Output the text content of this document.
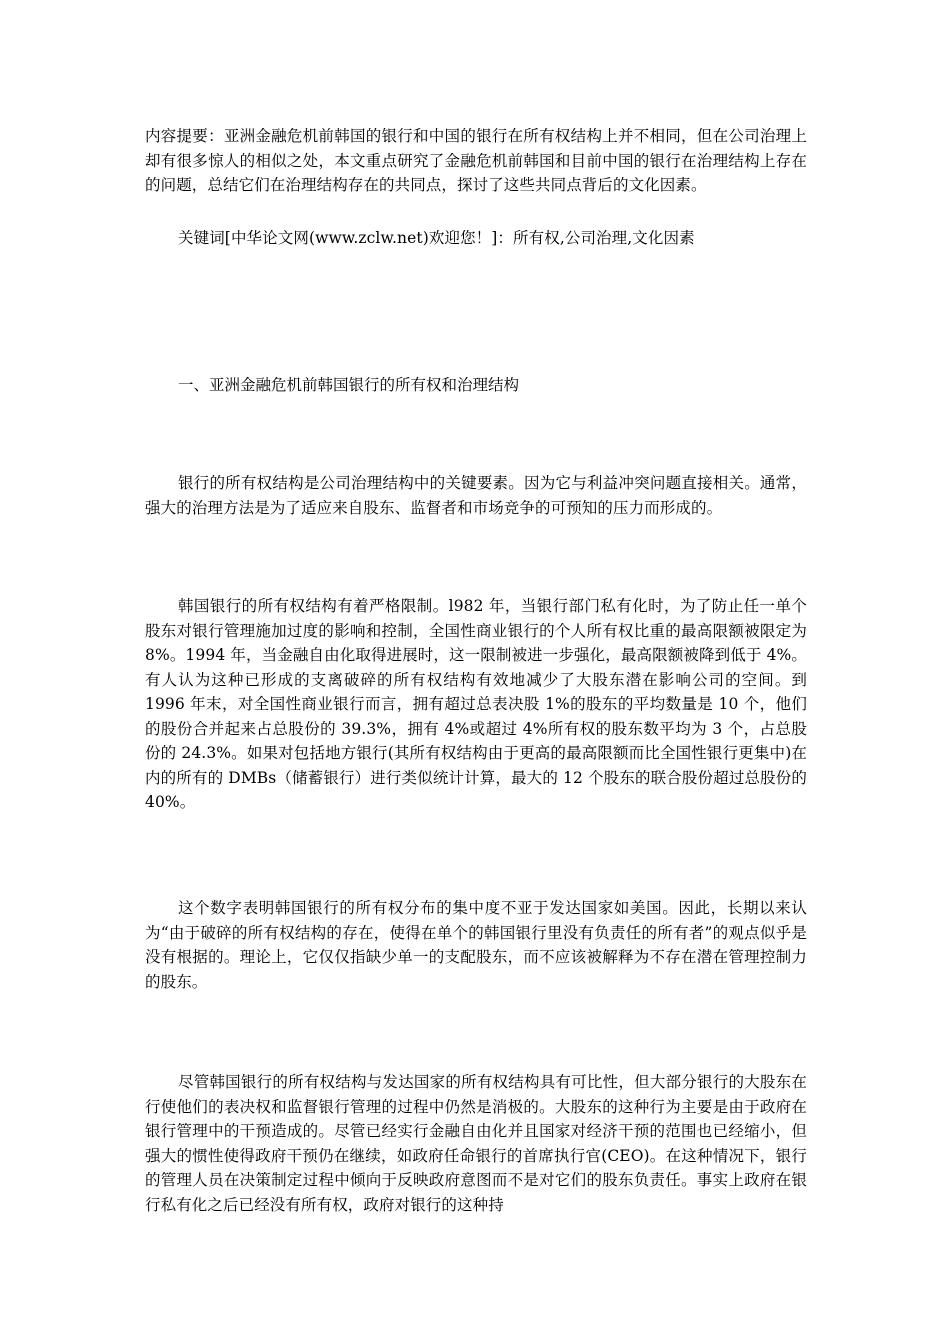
内容提要：亚洲金融危机前韩国的银行和中国的银行在所有权结构上并不相同，但在公司治理上却有很多惊人的相似之处，本文重点研究了金融危机前韩国和目前中国的银行在治理结构上存在的问题，总结它们在治理结构存在的共同点，探讨了这些共同点背后的文化因素。

关键词[中华论文网(www.zclw.net)欢迎您！]：所有权,公司治理,文化因素

一、亚洲金融危机前韩国银行的所有权和治理结构

银行的所有权结构是公司治理结构中的关键要素。因为它与利益冲突问题直接相关。通常，强大的治理方法是为了适应来自股东、监督者和市场竞争的可预知的压力而形成的。

韩国银行的所有权结构有着严格限制。l982 年，当银行部门私有化时，为了防止任一单个股东对银行管理施加过度的影响和控制，全国性商业银行的个人所有权比重的最高限额被限定为 8%。1994 年，当金融自由化取得进展时，这一限制被进一步强化，最高限额被降到低于 4%。有人认为这种已形成的支离破碎的所有权结构有效地减少了大股东潜在影响公司的空间。到 1996 年末，对全国性商业银行而言，拥有超过总表决股 1%的股东的平均数量是 10 个，他们的股份合并起来占总股份的 39.3%，拥有 4%或超过 4%所有权的股东数平均为 3 个，占总股份的 24.3%。如果对包括地方银行(其所有权结构由于更高的最高限额而比全国性银行更集中)在内的所有的 DMBs（储蓄银行）进行类似统计计算，最大的 12 个股东的联合股份超过总股份的 40%。

这个数字表明韩国银行的所有权分布的集中度不亚于发达国家如美国。因此，长期以来认为“由于破碎的所有权结构的存在，使得在单个的韩国银行里没有负责任的所有者”的观点似乎是没有根据的。理论上，它仅仅指缺少单一的支配股东，而不应该被解释为不存在潜在管理控制力的股东。

尽管韩国银行的所有权结构与发达国家的所有权结构具有可比性，但大部分银行的大股东在行使他们的表决权和监督银行管理的过程中仍然是消极的。大股东的这种行为主要是由于政府在银行管理中的干预造成的。尽管已经实行金融自由化并且国家对经济干预的范围也已经缩小，但强大的惯性使得政府干预仍在继续，如政府任命银行的首席执行官(CEO)。在这种情况下，银行的管理人员在决策制定过程中倾向于反映政府意图而不是对它们的股东负责任。事实上政府在银行私有化之后已经没有所有权，政府对银行的这种持
